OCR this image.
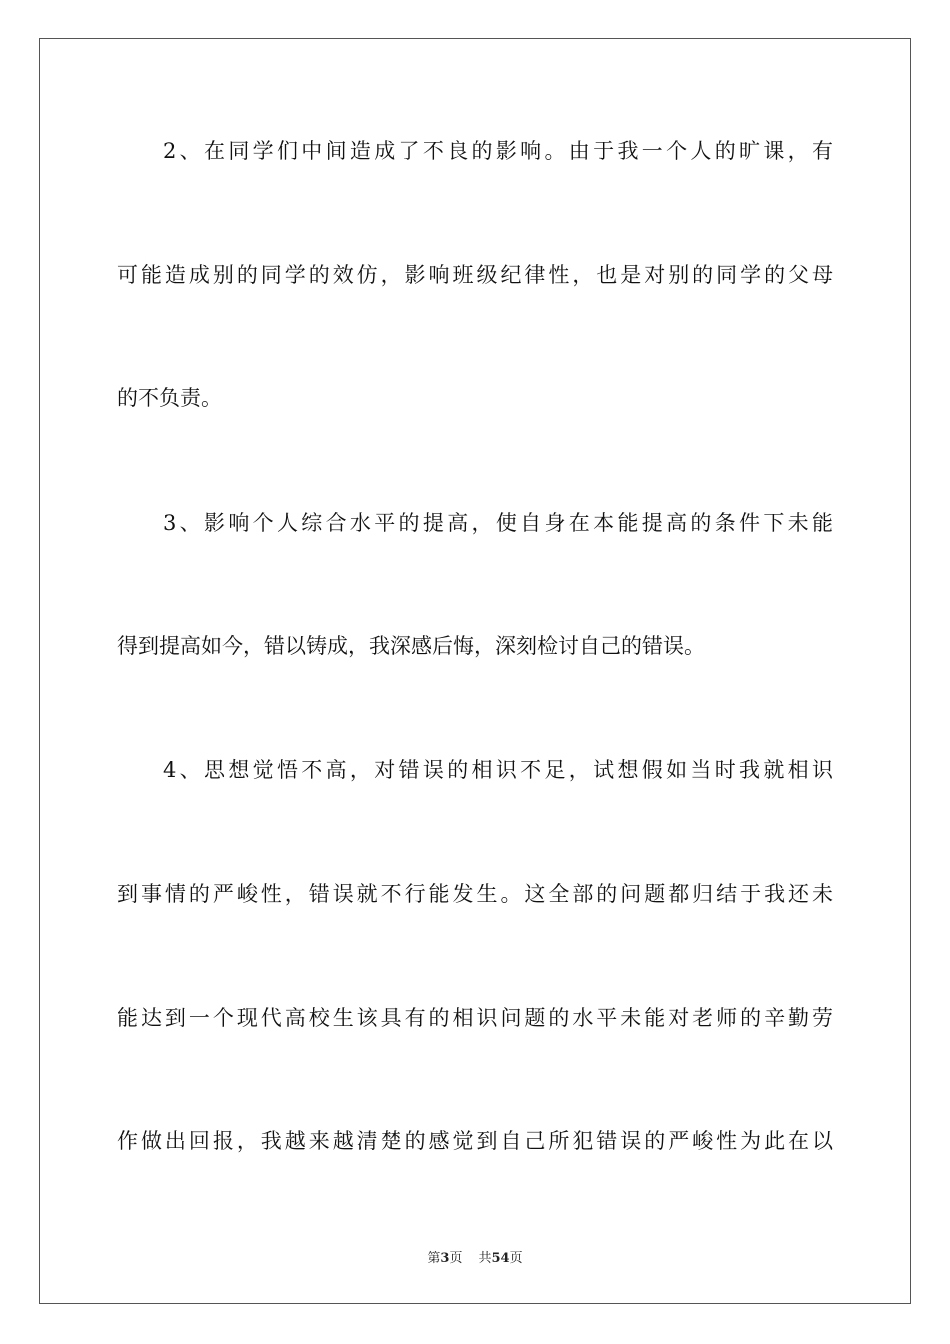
2、在同学们中间造成了不良的影响。由于我一个人的旷课，有
可能造成别的同学的效仿，影响班级纪律性，也是对别的同学的父母
的不负责。
3、影响个人综合水平的提高，使自身在本能提高的条件下未能
得到提高如今，错以铸成，我深感后悔，深刻检讨自己的错误。
4、思想觉悟不高，对错误的相识不足，试想假如当时我就相识
到事情的严峻性，错误就不行能发生。这全部的问题都归结于我还未
能达到一个现代高校生该具有的相识问题的水平未能对老师的辛勤劳
作做出回报，我越来越清楚的感觉到自己所犯错误的严峻性为此在以
第3页 共54页
